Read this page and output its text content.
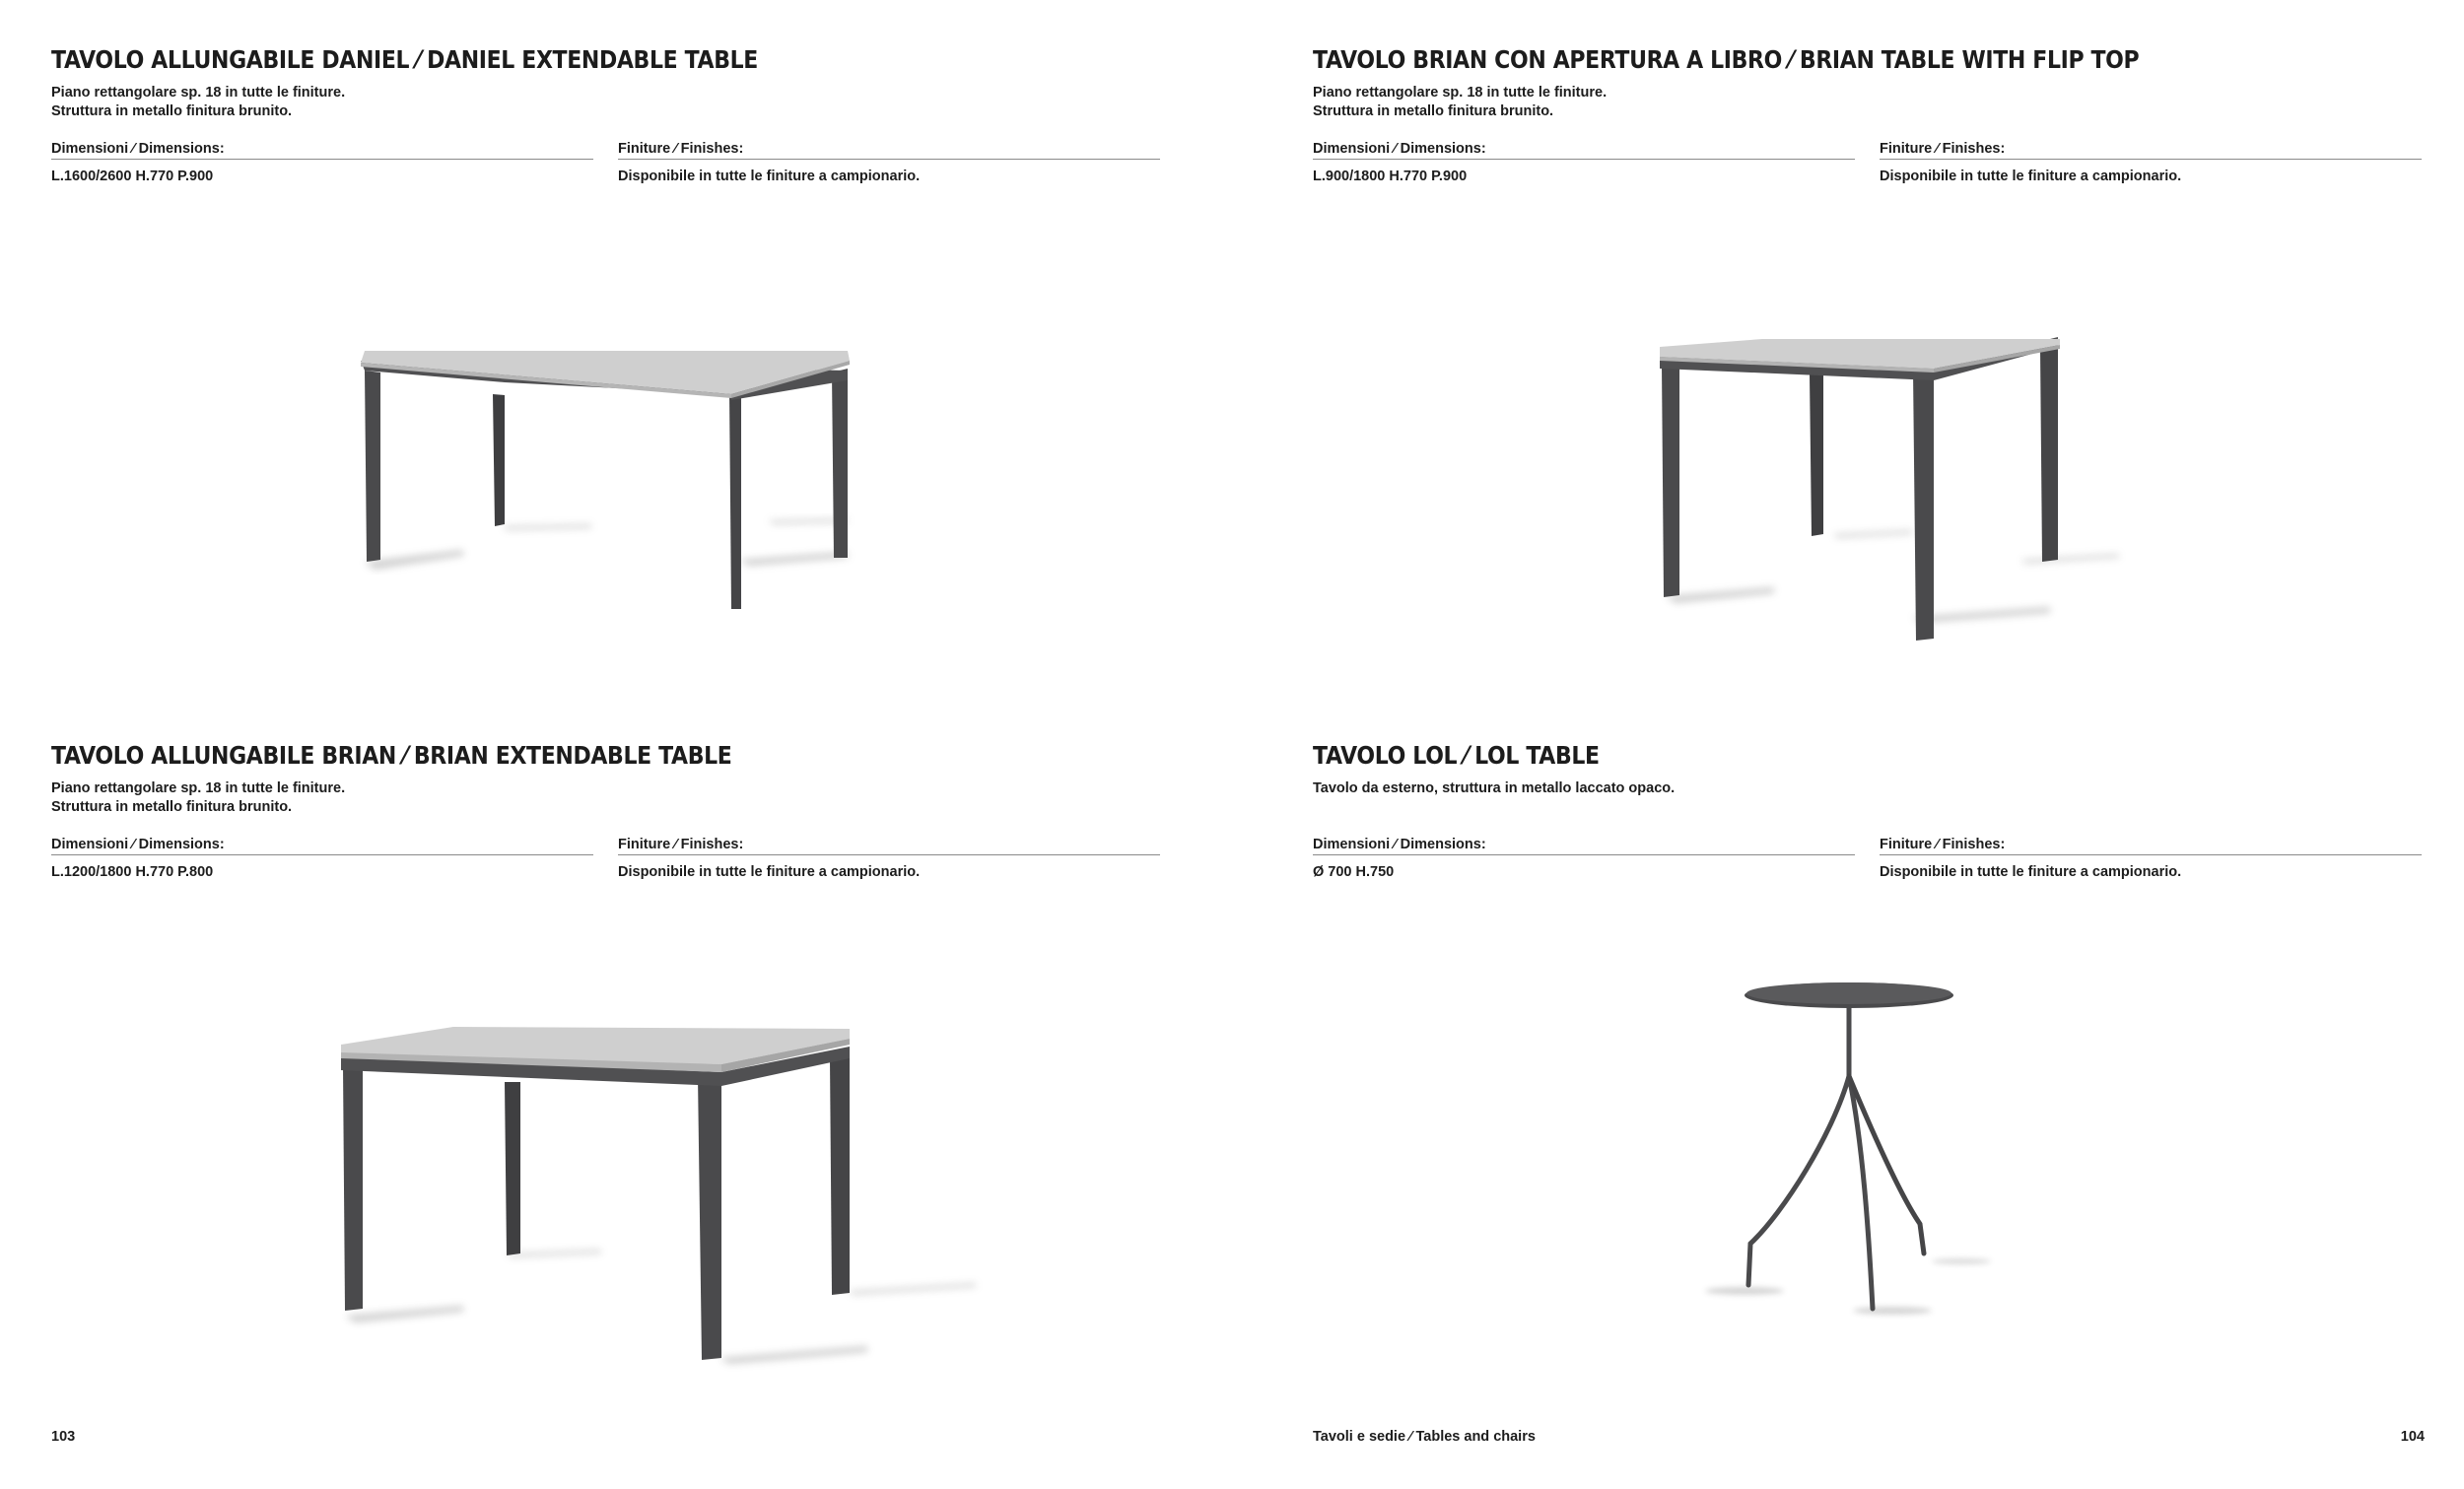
TAVOLO ALLUNGABILE DANIEL ⁄ DANIEL EXTENDABLE TABLE
Piano rettangolare sp. 18 in tutte le finiture.
Struttura in metallo finitura brunito.
Dimensioni ⁄ Dimensions:
L.1600/2600 H.770 P.900
Finiture ⁄ Finishes:
Disponibile in tutte le finiture a campionario.
TAVOLO BRIAN CON APERTURA A LIBRO ⁄ BRIAN TABLE WITH FLIP TOP
Piano rettangolare sp. 18 in tutte le finiture.
Struttura in metallo finitura brunito.
Dimensioni ⁄ Dimensions:
L.900/1800 H.770 P.900
Finiture ⁄ Finishes:
Disponibile in tutte le finiture a campionario.
TAVOLO ALLUNGABILE BRIAN ⁄ BRIAN EXTENDABLE TABLE
Piano rettangolare sp. 18 in tutte le finiture.
Struttura in metallo finitura brunito.
Dimensioni ⁄ Dimensions:
L.1200/1800 H.770 P.800
Finiture ⁄ Finishes:
Disponibile in tutte le finiture a campionario.
TAVOLO LOL ⁄ LOL TABLE
Tavolo da esterno, struttura in metallo laccato opaco.
Dimensioni ⁄ Dimensions:
Ø 700 H.750
Finiture ⁄ Finishes:
Disponibile in tutte le finiture a campionario.
103	Tavoli e sedie ⁄ Tables and chairs	104
